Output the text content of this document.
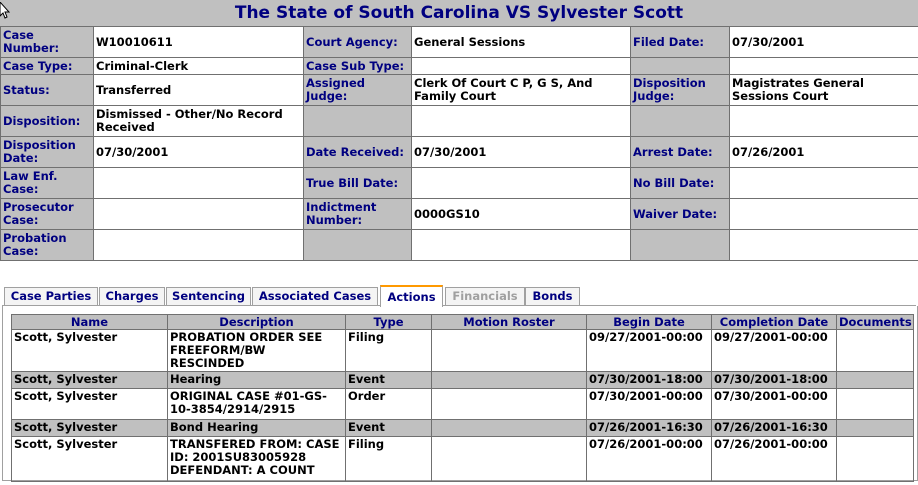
The State of South Carolina VS Sylvester Scott
Case Number:	W10010611	Court Agency:	General Sessions	Filed Date:	07/30/2001
Case Type:	Criminal-Clerk	Case Sub Type:			
Status:	Transferred	Assigned Judge:	Clerk Of Court C P, G S, And Family Court	Disposition Judge:	Magistrates General Sessions Court
Disposition:	Dismissed - Other/No Record Received				
Disposition Date:	07/30/2001	Date Received:	07/30/2001	Arrest Date:	07/26/2001
Law Enf. Case:		True Bill Date:		No Bill Date:	
Prosecutor Case:		Indictment Number:	0000GS10	Waiver Date:	
Probation Case:					
Case Parties	Charges	Sentencing	Associated Cases	Actions	Financials	Bonds
Name	Description	Type	Motion Roster	Begin Date	Completion Date	Documents
Scott, Sylvester	PROBATION ORDER SEE FREEFORM/BW RESCINDED	Filing		09/27/2001-00:00	09/27/2001-00:00	
Scott, Sylvester	Hearing	Event		07/30/2001-18:00	07/30/2001-18:00	
Scott, Sylvester	ORIGINAL CASE #01-GS-10-3854/2914/2915	Order		07/30/2001-00:00	07/30/2001-00:00	
Scott, Sylvester	Bond Hearing	Event		07/26/2001-16:30	07/26/2001-16:30	
Scott, Sylvester	TRANSFERED FROM: CASE ID: 2001SU83005928 DEFENDANT: A COUNT	Filing		07/26/2001-00:00	07/26/2001-00:00	
